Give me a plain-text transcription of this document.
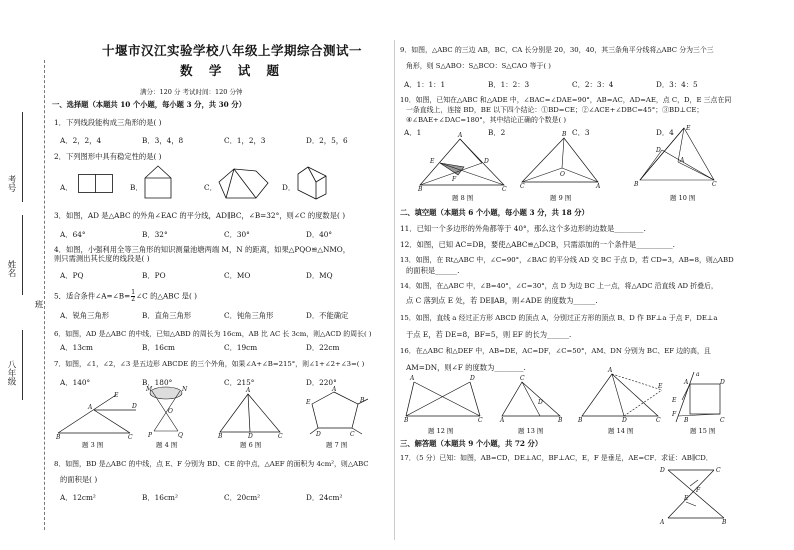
考号
姓名
班
八年级
十堰市汉江实验学校八年级上学期综合测试一
数 学 试 题
满分：120 分 考试时间：120 分钟
一、选择题（本题共 10 个小题，每小题 3 分，共 30 分）
1．下列线段能构成三角形的是( )
A．2，2，4	B．3，4，8	C．1，2，3	D．2，5，6
2．下列图形中具有稳定性的是( )
A．	B．	C．	D．
3．如图，AD 是△ABC 的外角∠EAC 的平分线，AD∥BC，∠B=32°，则∠C 的度数是( )
A．64°	B．32°	C．30°	D．40°
4．如图，小强利用全等三角形的知识测量池塘两端 M，N 的距离，如果△PQO≌△NMO，则只需测出其长度的线段是( )
A．PQ	B．PO	C．MO	D．MQ
5．适合条件∠A=∠B= $\frac{1}{2}$ ∠C 的△ABC 是( )
A．锐角三角形	B．直角三角形	C．钝角三角形	D．不能确定
6．如图，AD 是△ABC 的中线，已知△ABD 的周长为 16cm，AB 比 AC 长 3cm，则△ACD 的周长( )
A．13cm	B．16cm	C．19cm	D．22cm
7．如图，∠1，∠2，∠3 是五边形 ABCDE 的三个外角，如果∠A+∠B=215°，则∠1+∠2+∠3=( )
A．140°	B．180°	C．215°	D．220°
B	C
A
E
D
M	N
O
P	Q
A
B	D	C
A
B
C
D
E
题 3 图	题 4 图	题 6 图	题 7 图
8．如图，BD 是△ABC 的中线，点 E、F 分别为 BD、CE 的中点，△AEF 的面积为 4cm²，则△ABC
的面积是( )
A．12cm²	B．16cm²	C．20cm²	D．24cm²
9．如图，△ABC 的三边 AB，BC，CA 长分别是 20，30，40，其三条角平分线将△ABC 分为三个三
角形，则 S△ABO：S△BCO：S△CAO 等于( )
A．1：1：1	B．1：2：3	C．2：3：4	D．3：4：5
10．如图，已知在△ABC 和△ADE 中，∠BAC=∠DAE=90°，AB=AC，AD=AE，点 C，D，E 三点在同
一条直线上，连接 BD，BE 以下四个结论：①BD=CE；②∠ACE+∠DBC=45°；③BD⊥CE；
④∠BAE+∠DAC=180°，其中结论正确的个数是( )
A．1	B．2	C．3	D．4
A
B	C
D
E
F
B
C	A
O
E
B	C
D
A
题 8 图	题 9 图	题 10 图
二、填空题（本题共 6 个小题，每小题 3 分，共 18 分）
11．已知一个多边形的外角都等于 40°，那么这个多边形的边数是________.
12．如图，已知 AC=DB，要使△ABC≌△DCB，只需添加的一个条件是__________.
13．如图，在 Rt△ABC 中，∠C=90°，∠BAC 的平分线 AD 交 BC 于点 D，若 CD=3，AB=8，则△ABD
的面积是______.
14．如图，在△ABC 中，∠B=40°，∠C=30°，点 D 为边 BC 上一点，将△ADC 沿直线 AD 折叠后，
点 C 落到点 E 处，若 DE∥AB，则∠ADE 的度数为______.
15．如图，直线 a 经过正方形 ABCD 的顶点 A，分别过正方形的顶点 B、D 作 BF⊥a 于点 F，DE⊥a
于点 E，若 DE=8，BF=5，则 EF 的长为______.
16．在△ABC 和△DEF 中，AB=DE，AC=DF，∠C=50°，AM、DN 分别为 BC、EF 边的高，且
AM=DN，则∠F 的度数为________.
A	D
B	C
C
A	B
D
A
B	D	C
E
a
A	D
B	C
E
F
题 12 图	题 13 图	题 14 图	题 15 图
三、解答题（本题共 9 个小题，共 72 分）
17．（5 分）已知：如图，AB=CD，DE⊥AC，BF⊥AC，E，F 是垂足，AE=CF．求证：AB∥CD．
D	C
A	B
F
E
